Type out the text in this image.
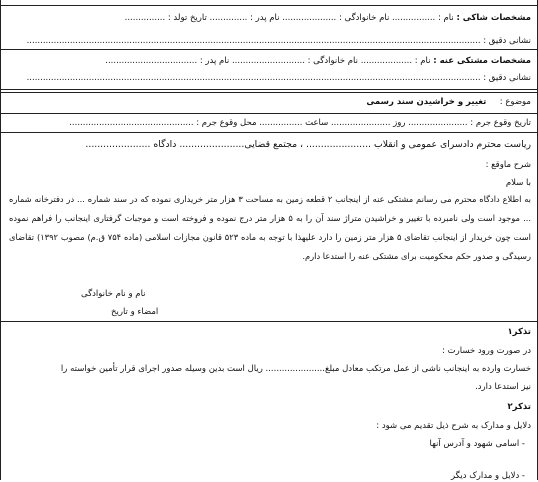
مشخصات شاکی : نام : ................ نام خانوادگی : .................... نام پدر : .............. تاریخ تولد : ...............
نشانی دقیق : ........................................................................................................................................................................
مشخصات مشتکی عنه : نام : ................... نام خانوادگی : ........................... نام پدر : ..................................
نشانی دقیق : ........................................................................................................................................................................
موضوع :     تغییر و خراشیدن سند رسمی
تاریخ وقوع جرم : ...................... روز ...................... ساعت ................ محل وقوع جرم : ..............................................
ریاست محترم دادسرای عمومی و انقلاب ...................... ، مجتمع قضایی...................... دادگاه ......................
شرح ماوقع :
با سلام
به اطلاع دادگاه محترم می رسانم مشتکی عنه از اینجانب ۲ قطعه زمین به مساحت ۳ هزار متر خریداری نموده که در سند شماره ... در دفترخانه شماره ... موجود است ولی نامبرده با تغییر و خراشیدن متراژ سند آن را به ۵ هزار متر درج نموده و فروخته است و موجبات گرفتاری اینجانب را فراهم نموده است چون خریدار از اینجانب تقاضای ۵ هزار متر زمین را دارد علیهذا با توجه به ماده ۵۲۳ قانون مجازات اسلامی (ماده ۷۵۴ ق.م) مصوب ۱۳۹۲) تقاضای رسیدگی و صدور حکم محکومیت برای مشتکی عنه را استدعا دارم.
نام و نام خانوادگی
امضاء و تاریخ
تذکر۱
در صورت ورود خسارت :
خسارت وارده به اینجانب ناشی از عمل مرتکب معادل مبلغ...................... ریال است بدین وسیله صدور اجرای قرار تأمین خواسته را
نیز استدعا دارد.
تذکر۲
دلایل و مدارک به شرح ذیل تقدیم می شود :
- اسامی شهود و آدرس آنها
- دلایل و مدارک دیگر
